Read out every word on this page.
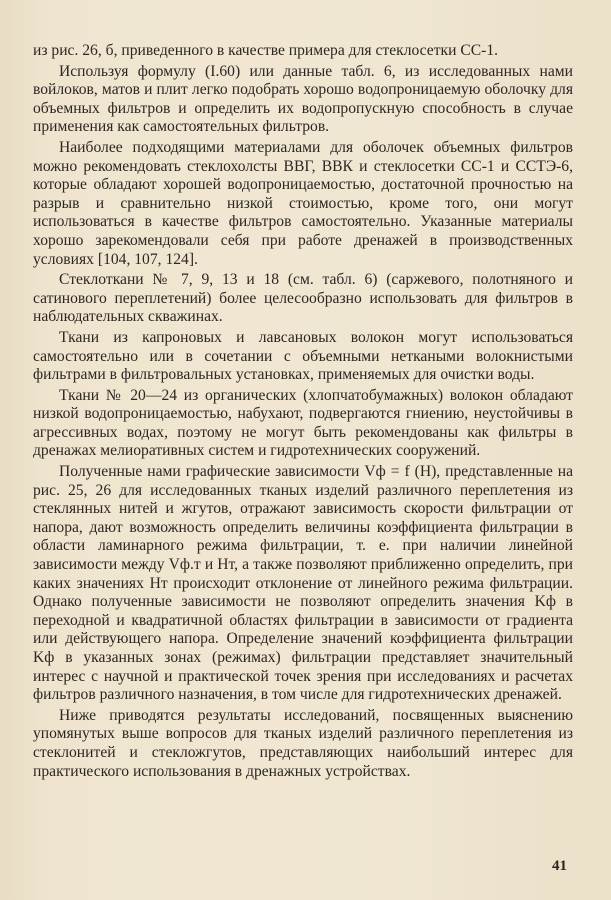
из рис. 26, б, приведенного в качестве примера для стеклосетки СС-1.

Используя формулу (I.60) или данные табл. 6, из исследованных нами войлоков, матов и плит легко подобрать хорошо водопроницаемую оболочку для объемных фильтров и определить их водопропускную способность в случае применения как самостоятельных фильтров.

Наиболее подходящими материалами для оболочек объемных фильтров можно рекомендовать стеклохолсты ВВГ, ВВК и стеклосетки СС-1 и ССТЭ-6, которые обладают хорошей водопроницаемостью, достаточной прочностью на разрыв и сравнительно низкой стоимостью, кроме того, они могут использоваться в качестве фильтров самостоятельно. Указанные материалы хорошо зарекомендовали себя при работе дренажей в производственных условиях [104, 107, 124].

Стеклоткани № 7, 9, 13 и 18 (см. табл. 6) (саржевого, полотняного и сатинового переплетений) более целесообразно использовать для фильтров в наблюдательных скважинах.

Ткани из капроновых и лавсановых волокон могут использоваться самостоятельно или в сочетании с объемными неткаными волокнистыми фильтрами в фильтровальных установках, применяемых для очистки воды.

Ткани № 20—24 из органических (хлопчатобумажных) волокон обладают низкой водопроницаемостью, набухают, подвергаются гниению, неустойчивы в агрессивных водах, поэтому не могут быть рекомендованы как фильтры в дренажах мелиоративных систем и гидротехнических сооружений.

Полученные нами графические зависимости Vф = f (H), представленные на рис. 25, 26 для исследованных тканых изделий различного переплетения из стеклянных нитей и жгутов, отражают зависимость скорости фильтрации от напора, дают возможность определить величины коэффициента фильтрации в области ламинарного режима фильтрации, т. е. при наличии линейной зависимости между Vф.т и Hт, а также позволяют приближенно определить, при каких значениях Hт происходит отклонение от линейного режима фильтрации. Однако полученные зависимости не позволяют определить значения Kф в переходной и квадратичной областях фильтрации в зависимости от градиента или действующего напора. Определение значений коэффициента фильтрации Kф в указанных зонах (режимах) фильтрации представляет значительный интерес с научной и практической точек зрения при исследованиях и расчетах фильтров различного назначения, в том числе для гидротехнических дренажей.

Ниже приводятся результаты исследований, посвященных выяснению упомянутых выше вопросов для тканых изделий различного переплетения из стеклонитей и стекложгутов, представляющих наибольший интерес для практического использования в дренажных устройствах.

41
